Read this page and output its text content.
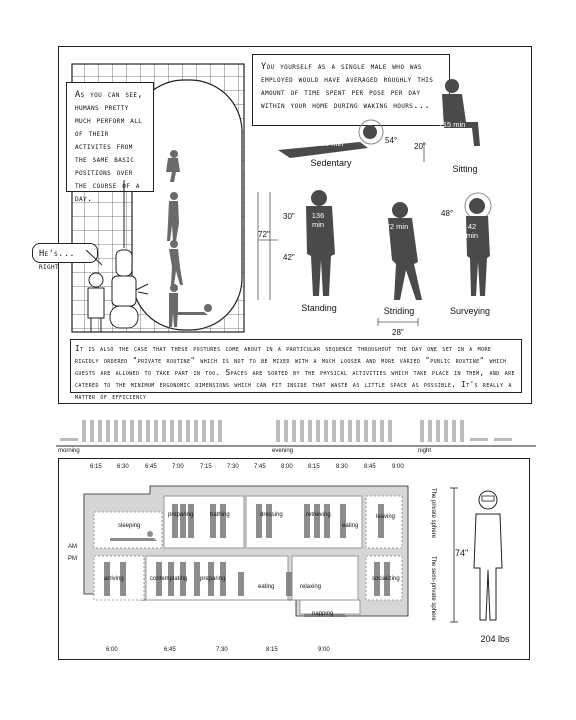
As you can see, humans pretty much perform all of their activites from the same basic positions over the course of a day.
He's... right
You yourself as a single male who was employed would have averaged roughly this amount of time spent per pose per day within your home during waking hours...
208 min	54°
Sedentary
215 min
20"
Sitting
136 min
30"
42"
72"
Standing
72 min
28"
Striding
42 min
48°
Surveying
It is also the case that these postures come about in a particular sequence throughout the day one set in a more rigidly ordered "private routine" which is not to be mixed with a much looser and more varied "public routine" which guests are allowed to take part in too. Spaces are sorted by the physical activities which take place in them, and are catered to the minimum ergonomic dimensions which can fit inside that waste as little space as possible. It's really a matter of efficiency
morning	evening	night
6:15	6:30	6:45	7:00	7:15	7:30	7:45	8:00	8:15	8:30	8:45	9:00
AM
PM
sleeping
preparing	bathing	dressing	retrieving
eating
leaving
arriving	contemplating preparing
eating	relaxing
napping
socializing
The private sphere
The semi-private sphere
6:00	6:45	7:30	8:15	9:00
74"
204 lbs
